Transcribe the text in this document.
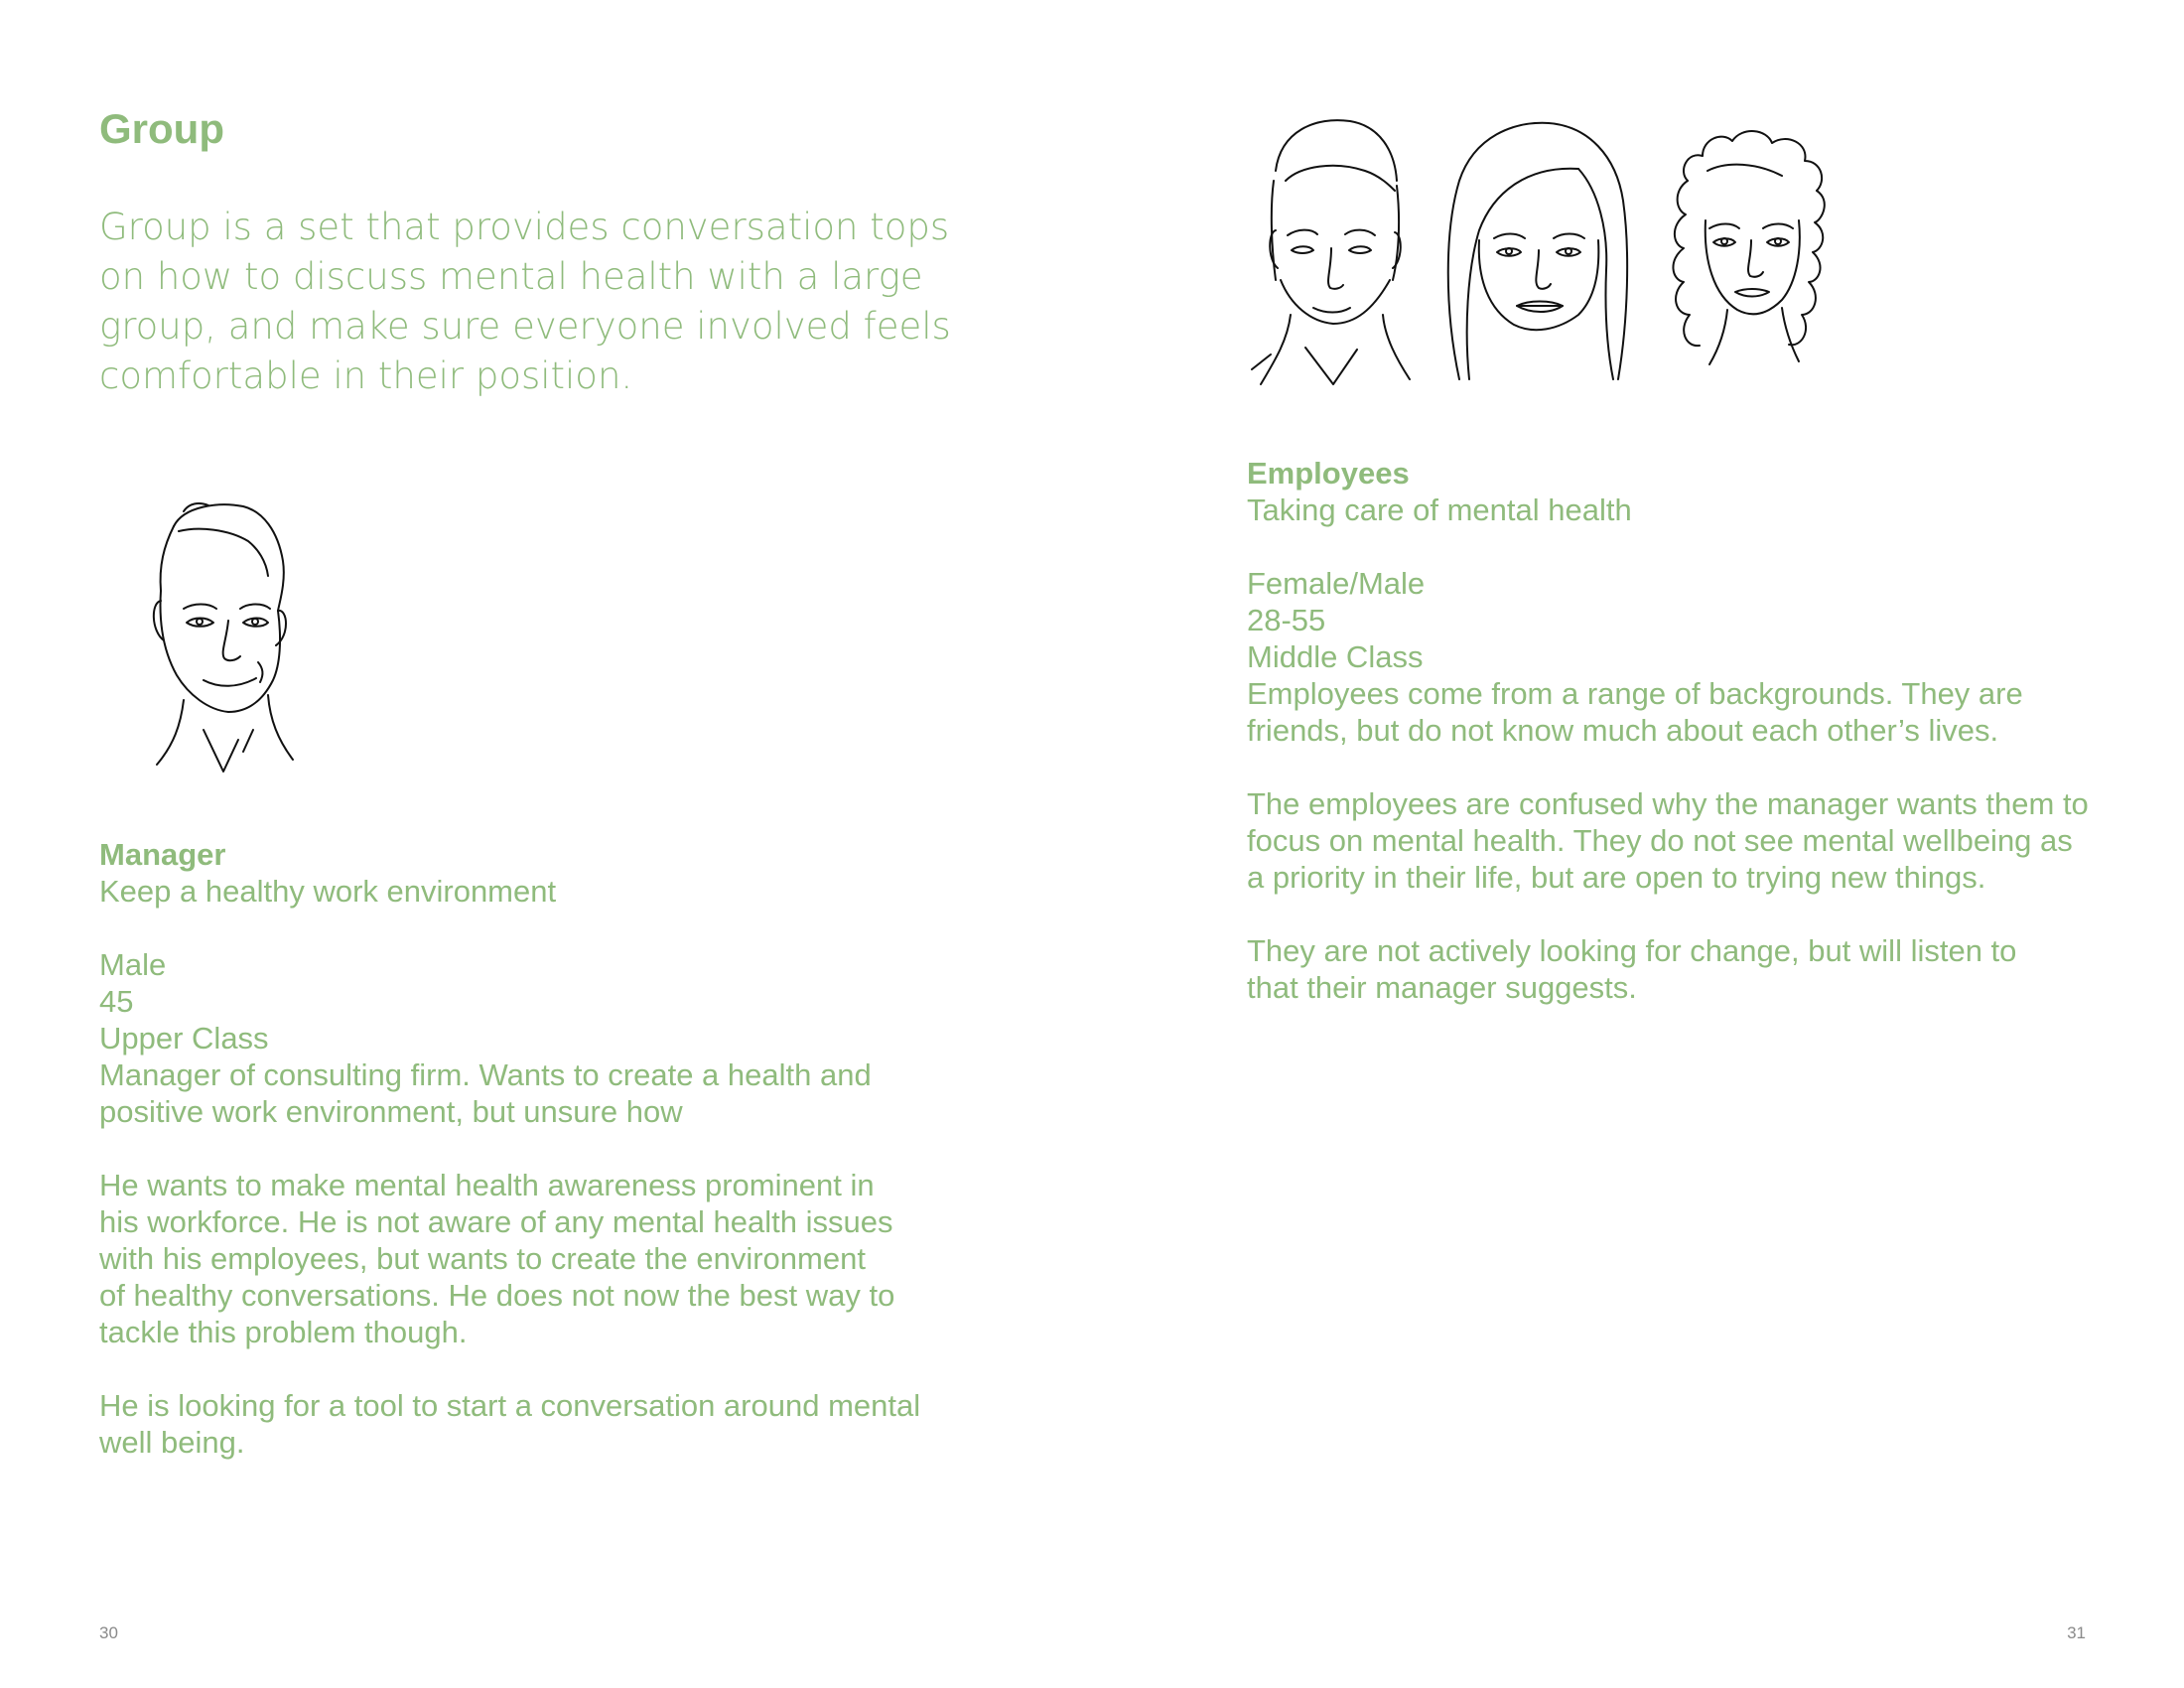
Group

Group is a set that provides conversation tops on how to discuss mental health with a large group, and make sure everyone involved feels comfortable in their position.

Manager
Keep a healthy work environment
Male
45
Upper Class
Manager of consulting firm. Wants to create a health and
positive work environment, but unsure how
He wants to make mental health awareness prominent in
his workforce. He is not aware of any mental health issues
with his employees, but wants to create the environment
of healthy conversations. He does not now the best way to
tackle this problem though.
He is looking for a tool to start a conversation around mental
well being.
30
Employees
Taking care of mental health
Female/Male
28-55
Middle Class
Employees come from a range of backgrounds. They are
friends, but do not know much about each other’s lives.
The employees are confused why the manager wants them to
focus on mental health. They do not see mental wellbeing as
a priority in their life, but are open to trying new things.
They are not actively looking for change, but will listen to
that their manager suggests.
31
